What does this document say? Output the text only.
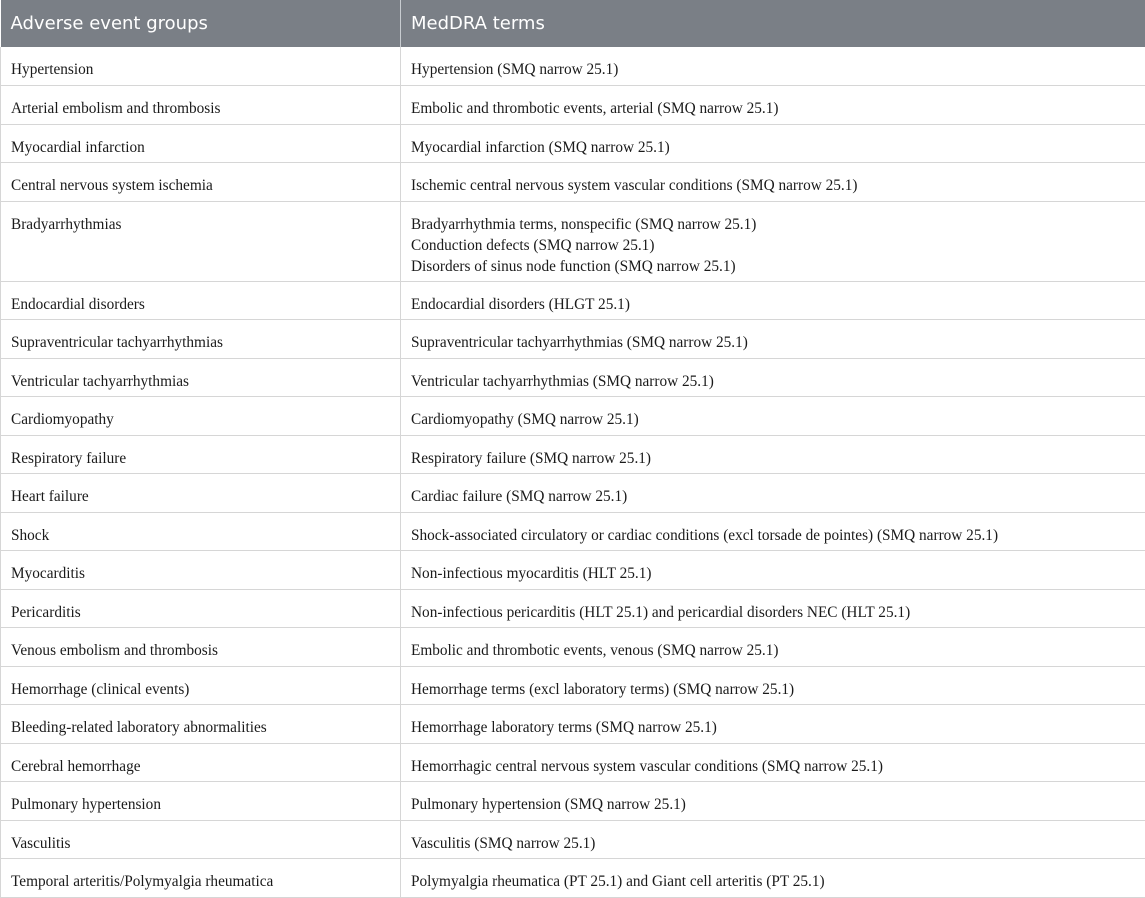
Adverse event groups	MedDRA terms
Hypertension	Hypertension (SMQ narrow 25.1)

Arterial embolism and thrombosis	Embolic and thrombotic events, arterial (SMQ narrow 25.1)

Myocardial infarction	Myocardial infarction (SMQ narrow 25.1)

Central nervous system ischemia	Ischemic central nervous system vascular conditions (SMQ narrow 25.1)

Bradyarrhythmias	Bradyarrhythmia terms, nonspecific (SMQ narrow 25.1)
Conduction defects (SMQ narrow 25.1)
Disorders of sinus node function (SMQ narrow 25.1)

Endocardial disorders	Endocardial disorders (HLGT 25.1)

Supraventricular tachyarrhythmias	Supraventricular tachyarrhythmias (SMQ narrow 25.1)

Ventricular tachyarrhythmias	Ventricular tachyarrhythmias (SMQ narrow 25.1)

Cardiomyopathy	Cardiomyopathy (SMQ narrow 25.1)

Respiratory failure	Respiratory failure (SMQ narrow 25.1)

Heart failure	Cardiac failure (SMQ narrow 25.1)

Shock	Shock-associated circulatory or cardiac conditions (excl torsade de pointes) (SMQ narrow 25.1)

Myocarditis	Non-infectious myocarditis (HLT 25.1)

Pericarditis	Non-infectious pericarditis (HLT 25.1) and pericardial disorders NEC (HLT 25.1)

Venous embolism and thrombosis	Embolic and thrombotic events, venous (SMQ narrow 25.1)

Hemorrhage (clinical events)	Hemorrhage terms (excl laboratory terms) (SMQ narrow 25.1)

Bleeding-related laboratory abnormalities	Hemorrhage laboratory terms (SMQ narrow 25.1)

Cerebral hemorrhage	Hemorrhagic central nervous system vascular conditions (SMQ narrow 25.1)

Pulmonary hypertension	Pulmonary hypertension (SMQ narrow 25.1)

Vasculitis	Vasculitis (SMQ narrow 25.1)

Temporal arteritis/Polymyalgia rheumatica	Polymyalgia rheumatica (PT 25.1) and Giant cell arteritis (PT 25.1)
